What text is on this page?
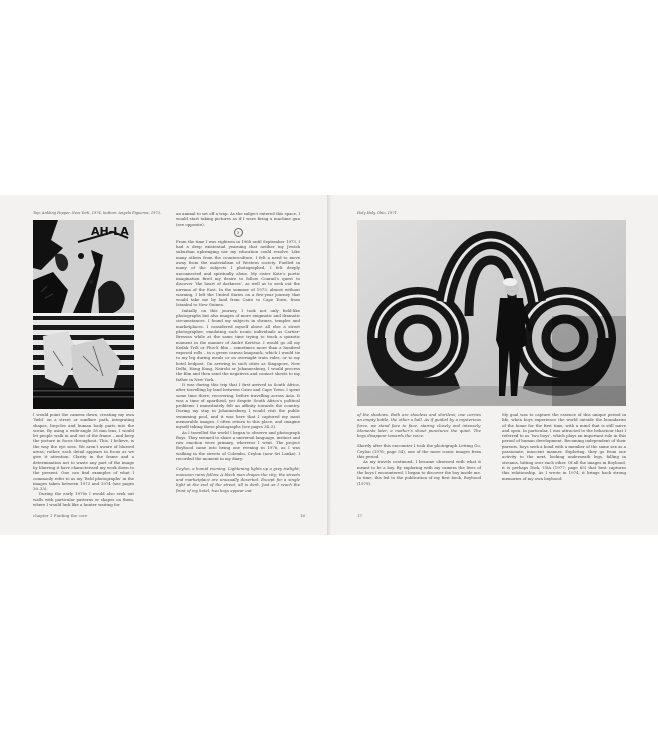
Top: Ankling Pepper, New York, 1974, bottom: Angela Figueroa, 1973.
AH-LA

I would point the camera down, creating my own ‘field’ on a street or sunflare path, integrating shapes, bicycles and human body parts into the scene. By using a wide-angle 28 mm lens, I would let people walk in and out of the frame – and keep the picture in focus throughout. This, I believe, is the way the eye sees. We aren’t aware of blurred areas; rather, each detail appears in focus as we give it attention. Clarity in the frame and a determination not to waste any part of the image by blurring it have characterised my work down to the present. One can find examples of what I commonly refer to as my ‘field photographs’ in the images taken between 1973 and 1974 (see pages 30–33).

During the early 1970s I would also seek out walls with particular patterns or shapes on them, where I would lurk like a hunter waiting for

an animal to set off a trap. As the subject entered this space, I would start taking pictures as if I were firing a machine gun (see opposite).

3

From the time I was eighteen in 1968 until September 1973, I had a deep existential yearning that neither my Jewish suburban upbringing nor my education could resolve. Like many others from the counterculture, I felt a need to move away from the materialism of Western society. Fuelled in many of the subjects I photographed, I felt deeply unconnected and spiritually alone. My sister Kate’s poetic imagination fired my desire to follow Conrad’s quest to discover ‘the heart of darkness’, as well as to seek out the nirvana of the East. In the summer of 1973, almost without warning, I left the United States on a five-year journey that would take me by land from Cairo to Cape Town, from Istanbul to New Guinea.

Initially on this journey, I took not only field-like photographs but also images of more enigmatic and dramatic circumstances. I found my subjects in shrines, temples and marketplaces. I considered myself above all else a street photographer, emulating such iconic individuals as Cartier-Bresson while at the same time trying to track a quixotic moment in the manner of André Kertész. I would go all my Kodak TriX or Plus-X film – sometimes more than a hundred exposed rolls – in a green canvas knapsack, which I would tie to my leg during meals or on overnight train rides, or to my hotel bedpost. On arriving in such cities as Singapore, New Delhi, Hong Kong, Nairobi or Johannesburg, I would process the film and then send the negatives and contact sheets to my father in New York.

It was during this trip that I first arrived in South Africa, after travelling by land between Cairo and Cape Town. I spent some time there, recovering, before travelling across Asia. It was a time of apartheid, yet despite South Africa’s political problems I immediately felt an affinity towards the country. During my stay in Johannesburg I would visit the public swimming pool, and it was here that I captured my most memorable images. I often return to this place, and imagine myself taking these photographs (see pages 34–5).

As I travelled the world I began to observe and photograph Boys. They seemed to share a universal language, instinct and raw emotion were primary, wherever I went. The project Boyhood came into being one evening in 1976, as I was walking in the streets of Colombo, Ceylon (now Sri Lanka). I recorded the moment in my diary:

Ceylon, a humid evening. Lightening lights up a grey twilight; monsoon rains follow. A black man drapes the city; the streets and marketplace are unusually deserted. Except for a single light at the end of the street, all is dark. Just as I reach the front of my hotel, two boys appear out

chapter 1 Finding the core	16
Holy Holy, Ohio, 1971.

of the shadows. Both are shoeless and shirtless; one carries an empty bottle, the other a ball. As if guided by a mysterious force, we stand face to face, staring closely and intensely. Moments later, a mother’s shout punctures the quiet. The boys disappear towards the voice.

Shortly after this encounter I took the photograph Letting Go, Ceylon (1976; page 54), one of the more iconic images from this period.

As my travels continued, I became obsessed with what it meant to be a boy. By exploring with my camera the lives of the boys I encountered, I began to discover the boy inside me. In time, this led to the publication of my first book, Boyhood (1979).

My goal was to capture the essence of this unique period in life, when boys experience the world outside the boundaries of the home for the first time, with a mind that is still naive and open. In particular, I was attracted to the behaviour that I referred to as ‘two boys’, which plays an important role in this period of human development. Becoming independent of their parents, boys seek a bond with a member of the same sex as a passionate, innocent manner. Exploring, they go from one activity to the next, looking underneath legs, falling in streams, hitting over each other. Of all the images in Boyhood, it is perhaps Dick, USA (1977; page 65) that best captures this relationship. As I wrote in 1974, it brings back strong memories of my own boyhood:

17
